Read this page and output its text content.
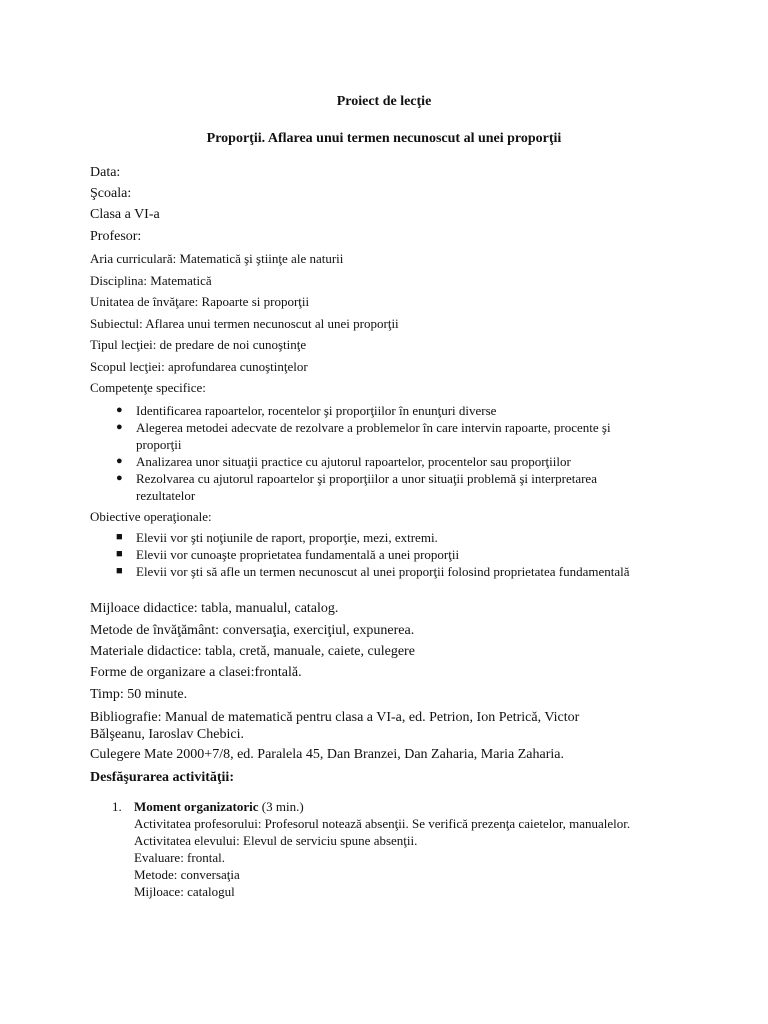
Proiect de lecţie
Proporţii. Aflarea unui termen necunoscut al unei proporţii
Data:
Şcoala:
Clasa a VI-a
Profesor:
Aria curriculară: Matematică şi ştiinţe ale naturii
Disciplina: Matematică
Unitatea de învăţare: Rapoarte si proporţii
Subiectul: Aflarea unui termen necunoscut al unei proporţii
Tipul lecţiei: de predare de noi cunoştinţe
Scopul lecţiei: aprofundarea cunoştinţelor
Competenţe specifice:
● Identificarea rapoartelor, rocentelor şi proporţiilor în enunţuri diverse
● Alegerea metodei adecvate de rezolvare a problemelor în care intervin rapoarte, procente şi proporţii
● Analizarea unor situaţii practice cu ajutorul rapoartelor, procentelor sau proporţiilor
● Rezolvarea cu ajutorul rapoartelor şi proporţiilor a unor situaţii problemă şi interpretarea rezultatelor
Obiective operaţionale:
■ Elevii vor şti noţiunile de raport, proporţie, mezi, extremi.
■ Elevii vor cunoaşte proprietatea fundamentală a unei proporţii
■ Elevii vor şti să afle un termen necunoscut al unei proporţii folosind proprietatea fundamentală
Mijloace didactice: tabla, manualul, catalog.
Metode de învăţământ: conversaţia, exerciţiul, expunerea.
Materiale didactice: tabla, cretă, manuale, caiete, culegere
Forme de organizare a clasei:frontală.
Timp: 50 minute.
Bibliografie: Manual de matematică pentru clasa a VI-a, ed. Petrion, Ion Petrică, Victor Bălşeanu, Iaroslav Chebici.
Culegere Mate 2000+7/8, ed. Paralela 45, Dan Branzei, Dan Zaharia, Maria Zaharia.
Desfăşurarea activităţii:
1. Moment organizatoric (3 min.)
Activitatea profesorului: Profesorul notează absenţii. Se verifică prezenţa caietelor, manualelor.
Activitatea elevului: Elevul de serviciu spune absenţii.
Evaluare: frontal.
Metode: conversaţia
Mijloace: catalogul
